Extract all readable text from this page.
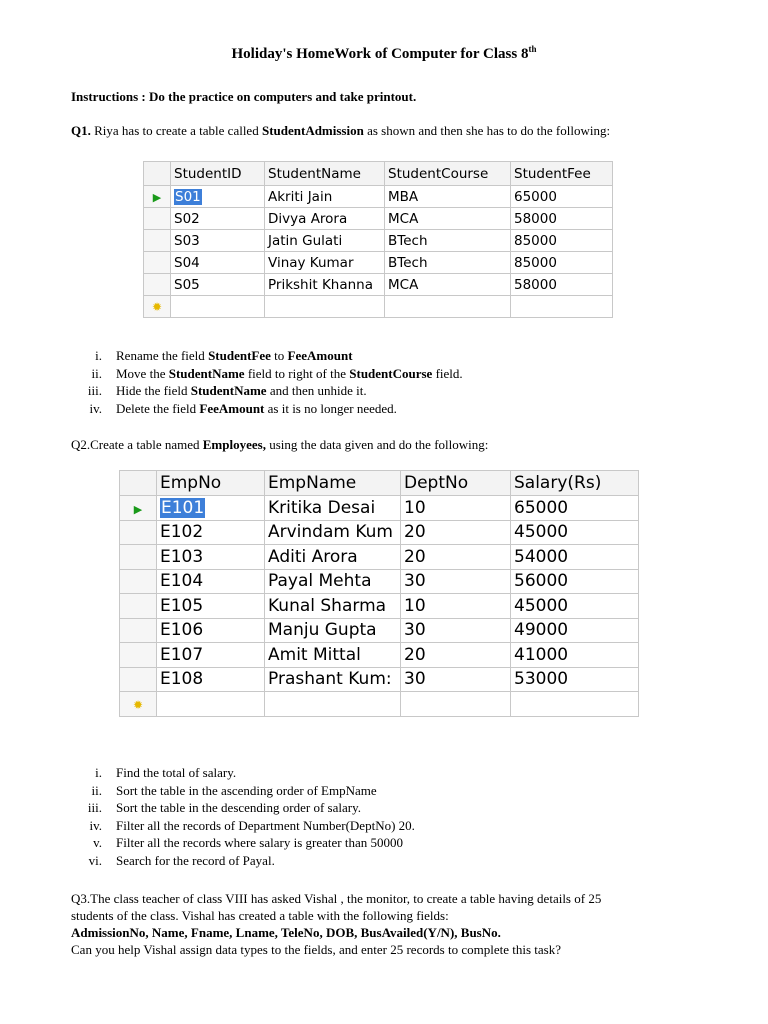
Holiday's HomeWork of Computer for Class 8th
Instructions : Do the practice on computers and take printout.
Q1. Riya has to create a table called StudentAdmission as shown and then she has to do the following:
	StudentID	StudentName	StudentCourse	StudentFee
▶	S01	Akriti Jain	MBA	65000
	S02	Divya Arora	MCA	58000
	S03	Jatin Gulati	BTech	85000
	S04	Vinay Kumar	BTech	85000
	S05	Prikshit Khanna	MCA	58000
✹				
i. Rename the field StudentFee to FeeAmount
ii. Move the StudentName field to right of the StudentCourse field.
iii. Hide the field StudentName and then unhide it.
iv. Delete the field FeeAmount as it is no longer needed.
Q2.Create a table named Employees, using the data given and do the following:
	EmpNo	EmpName	DeptNo	Salary(Rs)
▶	E101	Kritika Desai	10	65000
	E102	Arvindam Kum	20	45000
	E103	Aditi Arora	20	54000
	E104	Payal Mehta	30	56000
	E105	Kunal Sharma	10	45000
	E106	Manju Gupta	30	49000
	E107	Amit Mittal	20	41000
	E108	Prashant Kum:	30	53000
✹				
i. Find the total of salary.
ii. Sort the table in the ascending order of EmpName
iii. Sort the table in the descending order of salary.
iv. Filter all the records of Department Number(DeptNo) 20.
v. Filter all the records where salary is greater than 50000
vi. Search for the record of Payal.
Q3.The class teacher of class VIII has asked Vishal , the monitor, to create a table having details of 25
students of the class. Vishal has created a table with the following fields:
AdmissionNo, Name, Fname, Lname, TeleNo, DOB, BusAvailed(Y/N), BusNo.
Can you help Vishal assign data types to the fields, and enter 25 records to complete this task?
